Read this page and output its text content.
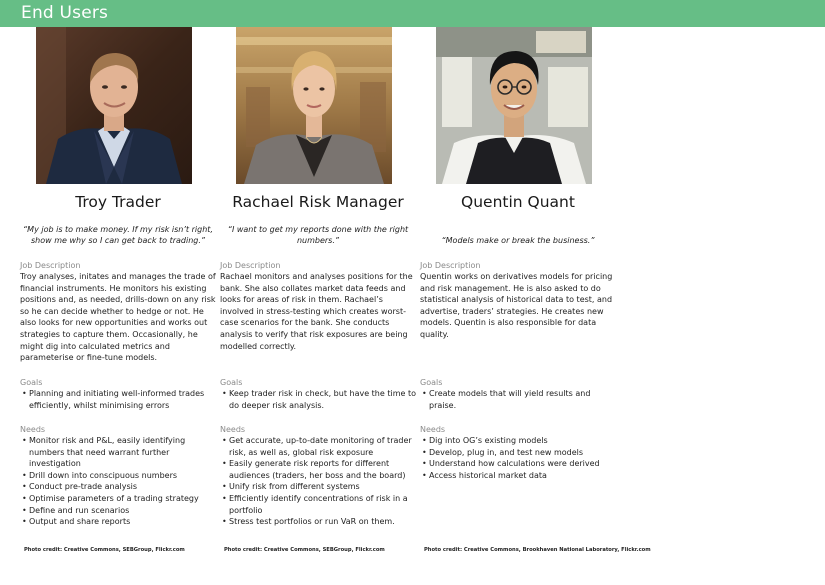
End Users
Troy Trader
“My job is to make money. If my risk isn’t right, show me why so I can get back to trading.”
Job Description
Troy analyses, initates and manages the trade of financial instruments. He monitors his existing positions and, as needed, drills-down on any risk so he can decide whether to hedge or not. He also looks for new opportunities and works out strategies to capture them. Occasionally, he might dig into calculated metrics and parameterise or fine-tune models.
Goals
• Planning and initiating well-informed trades efficiently, whilst minimising errors
Needs
• Monitor risk and P&L, easily identifying numbers that need warrant further investigation
• Drill down into conscipuous numbers
• Conduct pre-trade analysis
• Optimise parameters of a trading strategy
• Define and run scenarios
• Output and share reports
Photo credit: Creative Commons, SEBGroup, Flickr.com
Rachael Risk Manager
“I want to get my reports done with the right numbers.”
Job Description
Rachael monitors and analyses positions for the bank. She also collates market data feeds and looks for areas of risk in them. Rachael’s involved in stress-testing which creates worst-case scenarios for the bank. She conducts analysis to verify that risk exposures are being modelled correctly.
Goals
• Keep trader risk in check, but have the time to do deeper risk analysis.
Needs
• Get accurate, up-to-date monitoring of trader risk, as well as, global risk exposure
• Easily generate risk reports for different audiences (traders, her boss and the board)
• Unify risk from different systems
• Efficiently identify concentrations of risk in a portfolio
• Stress test portfolios or run VaR on them.
Photo credit: Creative Commons, SEBGroup, Flickr.com
Quentin Quant
“Models make or break the business.”
Job Description
Quentin works on derivatives models for pricing and risk management. He is also asked to do statistical analysis of historical data to test, and advertise, traders’ strategies. He creates new models. Quentin is also responsible for data quality.
Goals
• Create models that will yield results and praise.
Needs
• Dig into OG’s existing models
• Develop, plug in, and test new models
• Understand how calculations were derived
• Access historical market data
Photo credit: Creative Commons, Brookhaven National Laboratory, Flickr.com
